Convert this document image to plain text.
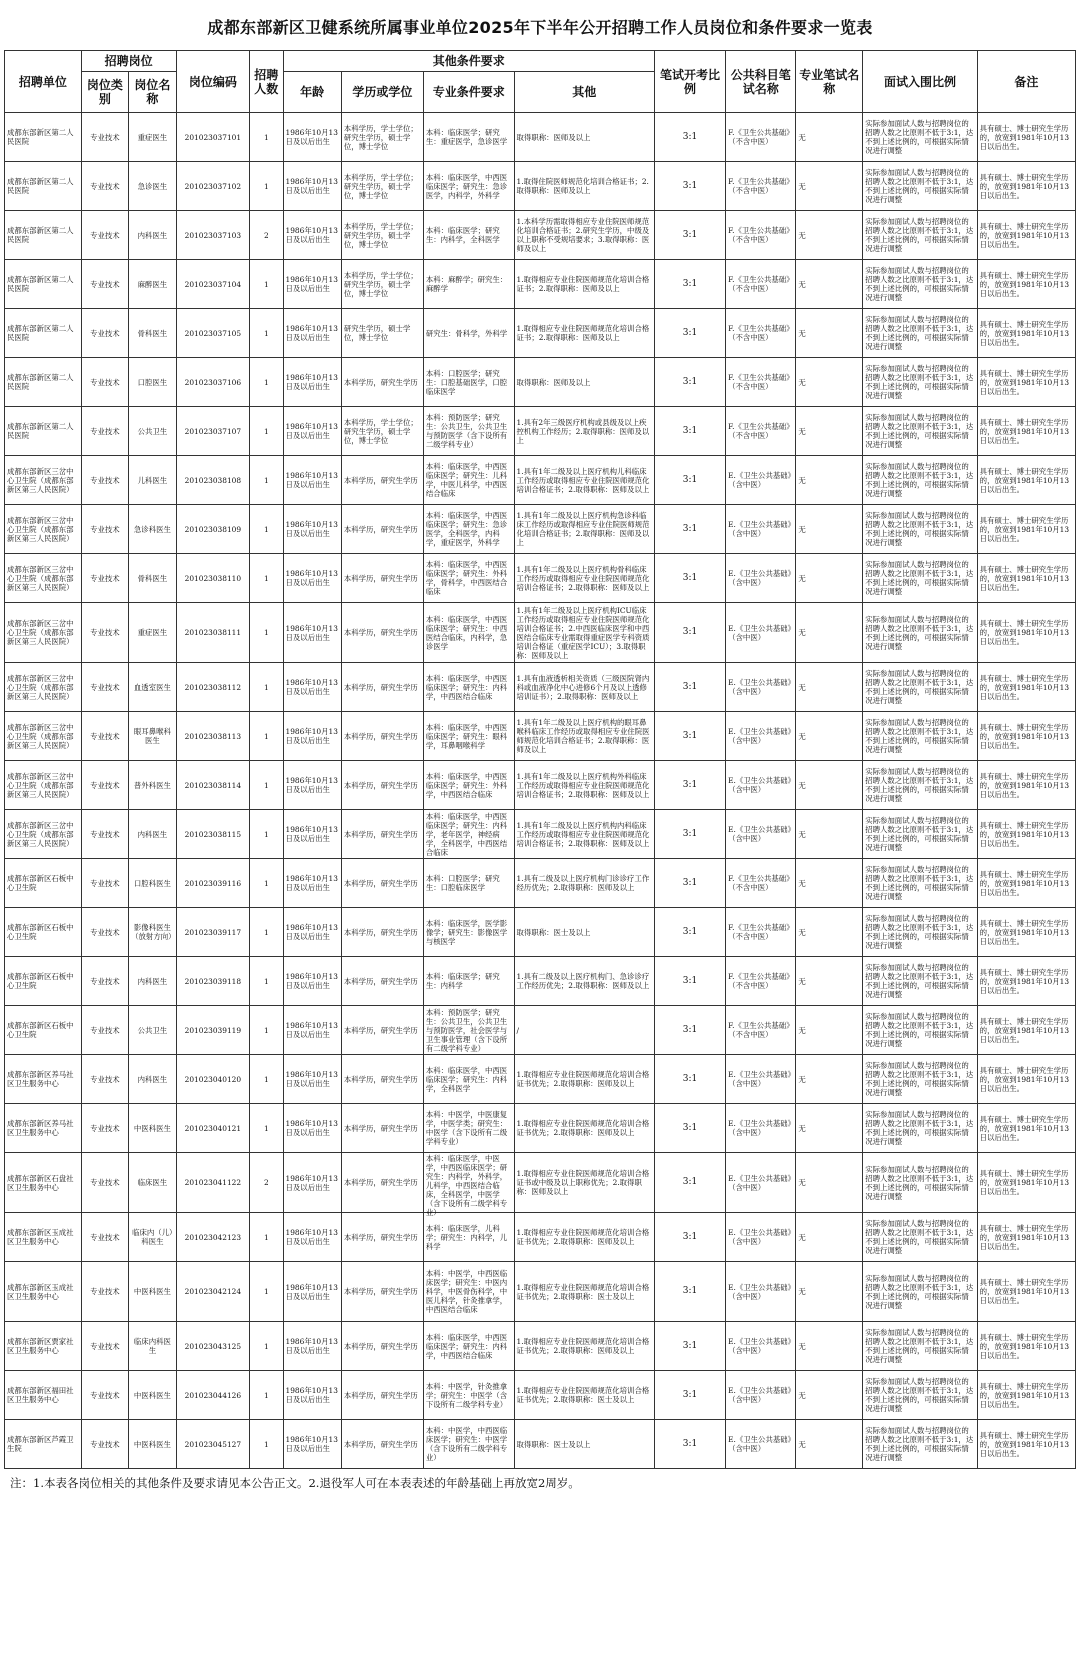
成都东部新区卫健系统所属事业单位2025年下半年公开招聘工作人员岗位和条件要求一览表
招聘单位	招聘岗位		岗位编码	招聘人数	其他条件要求				笔试开考比例	公共科目笔试名称	专业笔试名称	面试入围比例	备注
	岗位类别	岗位名称			年龄	学历或学位	专业条件要求	其他					

成都东部新区第二人民医院	专业技术	重症医生	201023037101	1	1986年10月13日及以后出生	本科学历，学士学位；研究生学历，硕士学位，博士学位	本科：临床医学；研究生：重症医学，急诊医学	取得职称：医师及以上	3:1	F.《卫生公共基础》（不含中医）	无	实际参加面试人数与招聘岗位的招聘人数之比原则不低于3:1，达不到上述比例的，可根据实际情况进行调整	具有硕士、博士研究生学历的，放宽到1981年10月13日以后出生。

成都东部新区第二人民医院	专业技术	急诊医生	201023037102	1	1986年10月13日及以后出生	本科学历，学士学位；研究生学历，硕士学位，博士学位	本科：临床医学，中西医临床医学；研究生：急诊医学，内科学，外科学	1.取得住院医师规范化培训合格证书；2.取得职称：医师及以上	3:1	F.《卫生公共基础》（不含中医）	无	实际参加面试人数与招聘岗位的招聘人数之比原则不低于3:1，达不到上述比例的，可根据实际情况进行调整	具有硕士、博士研究生学历的，放宽到1981年10月13日以后出生。

成都东部新区第二人民医院	专业技术	内科医生	201023037103	2	1986年10月13日及以后出生	本科学历，学士学位；研究生学历，硕士学位，博士学位	本科：临床医学；研究生：内科学，全科医学	1.本科学历需取得相应专业住院医师规范化培训合格证书；2.研究生学历，中级及以上职称不受规培要求；3.取得职称：医师及以上	3:1	F.《卫生公共基础》（不含中医）	无	实际参加面试人数与招聘岗位的招聘人数之比原则不低于3:1，达不到上述比例的，可根据实际情况进行调整	具有硕士、博士研究生学历的，放宽到1981年10月13日以后出生。

成都东部新区第二人民医院	专业技术	麻醉医生	201023037104	1	1986年10月13日及以后出生	本科学历，学士学位；研究生学历，硕士学位，博士学位	本科：麻醉学；研究生：麻醉学	1.取得相应专业住院医师规范化培训合格证书；2.取得职称：医师及以上	3:1	F.《卫生公共基础》（不含中医）	无	实际参加面试人数与招聘岗位的招聘人数之比原则不低于3:1，达不到上述比例的，可根据实际情况进行调整	具有硕士、博士研究生学历的，放宽到1981年10月13日以后出生。

成都东部新区第二人民医院	专业技术	骨科医生	201023037105	1	1986年10月13日及以后出生	研究生学历，硕士学位，博士学位	研究生：骨科学，外科学	1.取得相应专业住院医师规范化培训合格证书；2.取得职称：医师及以上	3:1	F.《卫生公共基础》（不含中医）	无	实际参加面试人数与招聘岗位的招聘人数之比原则不低于3:1，达不到上述比例的，可根据实际情况进行调整	具有硕士、博士研究生学历的，放宽到1981年10月13日以后出生。

成都东部新区第二人民医院	专业技术	口腔医生	201023037106	1	1986年10月13日及以后出生	本科学历，研究生学历	本科：口腔医学；研究生：口腔基础医学，口腔临床医学	取得职称：医师及以上	3:1	F.《卫生公共基础》（不含中医）	无	实际参加面试人数与招聘岗位的招聘人数之比原则不低于3:1，达不到上述比例的，可根据实际情况进行调整	具有硕士、博士研究生学历的，放宽到1981年10月13日以后出生。

成都东部新区第二人民医院	专业技术	公共卫生	201023037107	1	1986年10月13日及以后出生	本科学历，学士学位；研究生学历，硕士学位，博士学位	本科：预防医学；研究生：公共卫生，公共卫生与预防医学（含下设所有二级学科专业）	1.具有2年三级医疗机构或县级及以上疾控机构工作经历；2.取得职称：医师及以上	3:1	F.《卫生公共基础》（不含中医）	无	实际参加面试人数与招聘岗位的招聘人数之比原则不低于3:1，达不到上述比例的，可根据实际情况进行调整	具有硕士、博士研究生学历的，放宽到1981年10月13日以后出生。

成都东部新区三岔中心卫生院（成都东部新区第三人民医院）	专业技术	儿科医生	201023038108	1	1986年10月13日及以后出生	本科学历，研究生学历	本科：临床医学，中西医临床医学；研究生：儿科学，中医儿科学，中西医结合临床	1.具有1年二级及以上医疗机构儿科临床工作经历或取得相应专业住院医师规范化培训合格证书；2.取得职称：医师及以上	3:1	E.《卫生公共基础》（含中医）	无	实际参加面试人数与招聘岗位的招聘人数之比原则不低于3:1，达不到上述比例的，可根据实际情况进行调整	具有硕士、博士研究生学历的，放宽到1981年10月13日以后出生。

成都东部新区三岔中心卫生院（成都东部新区第三人民医院）	专业技术	急诊科医生	201023038109	1	1986年10月13日及以后出生	本科学历，研究生学历	本科：临床医学，中西医临床医学；研究生：急诊医学，全科医学，内科学，重症医学，外科学	1.具有1年二级及以上医疗机构急诊科临床工作经历或取得相应专业住院医师规范化培训合格证书；2.取得职称：医师及以上	3:1	E.《卫生公共基础》（含中医）	无	实际参加面试人数与招聘岗位的招聘人数之比原则不低于3:1，达不到上述比例的，可根据实际情况进行调整	具有硕士、博士研究生学历的，放宽到1981年10月13日以后出生。

成都东部新区三岔中心卫生院（成都东部新区第三人民医院）	专业技术	骨科医生	201023038110	1	1986年10月13日及以后出生	本科学历，研究生学历	本科：临床医学，中西医临床医学；研究生：外科学，骨科学，中西医结合临床	1.具有1年二级及以上医疗机构骨科临床工作经历或取得相应专业住院医师规范化培训合格证书；2.取得职称：医师及以上	3:1	E.《卫生公共基础》（含中医）	无	实际参加面试人数与招聘岗位的招聘人数之比原则不低于3:1，达不到上述比例的，可根据实际情况进行调整	具有硕士、博士研究生学历的，放宽到1981年10月13日以后出生。

成都东部新区三岔中心卫生院（成都东部新区第三人民医院）	专业技术	重症医生	201023038111	1	1986年10月13日及以后出生	本科学历，研究生学历	本科：临床医学，中西医临床医学；研究生：中西医结合临床，内科学，急诊医学	1.具有1年二级及以上医疗机构ICU临床工作经历或取得相应专业住院医师规范化培训合格证书；2.中西医临床医学和中西医结合临床专业需取得重症医学专科资质培训合格证（重症医学ICU）；3.取得职称：医师及以上	3:1	E.《卫生公共基础》（含中医）	无	实际参加面试人数与招聘岗位的招聘人数之比原则不低于3:1，达不到上述比例的，可根据实际情况进行调整	具有硕士、博士研究生学历的，放宽到1981年10月13日以后出生。

成都东部新区三岔中心卫生院（成都东部新区第三人民医院）	专业技术	血透室医生	201023038112	1	1986年10月13日及以后出生	本科学历，研究生学历	本科：临床医学，中西医临床医学；研究生：内科学，中西医结合临床	1.具有血液透析相关资质（三级医院肾内科或血液净化中心进修6个月及以上透修培训证书）；2.取得职称：医师及以上	3:1	E.《卫生公共基础》（含中医）	无	实际参加面试人数与招聘岗位的招聘人数之比原则不低于3:1，达不到上述比例的，可根据实际情况进行调整	具有硕士、博士研究生学历的，放宽到1981年10月13日以后出生。

成都东部新区三岔中心卫生院（成都东部新区第三人民医院）	专业技术	眼耳鼻喉科医生	201023038113	1	1986年10月13日及以后出生	本科学历，研究生学历	本科：临床医学，中西医临床医学；研究生：眼科学，耳鼻咽喉科学	1.具有1年二级及以上医疗机构的眼耳鼻喉科临床工作经历或取得相应专业住院医师规范化培训合格证书；2.取得职称：医师及以上	3:1	E.《卫生公共基础》（含中医）	无	实际参加面试人数与招聘岗位的招聘人数之比原则不低于3:1，达不到上述比例的，可根据实际情况进行调整	具有硕士、博士研究生学历的，放宽到1981年10月13日以后出生。

成都东部新区三岔中心卫生院（成都东部新区第三人民医院）	专业技术	普外科医生	201023038114	1	1986年10月13日及以后出生	本科学历，研究生学历	本科：临床医学，中西医临床医学；研究生：外科学，中西医结合临床	1.具有1年二级及以上医疗机构外科临床工作经历或取得相应专业住院医师规范化培训合格证书；2.取得职称：医师及以上	3:1	E.《卫生公共基础》（含中医）	无	实际参加面试人数与招聘岗位的招聘人数之比原则不低于3:1，达不到上述比例的，可根据实际情况进行调整	具有硕士、博士研究生学历的，放宽到1981年10月13日以后出生。

成都东部新区三岔中心卫生院（成都东部新区第三人民医院）	专业技术	内科医生	201023038115	1	1986年10月13日及以后出生	本科学历，研究生学历	本科：临床医学，中西医临床医学；研究生：内科学，老年医学，神经病学，全科医学，中西医结合临床	1.具有1年二级及以上医疗机构内科临床工作经历或取得相应专业住院医师规范化培训合格证书；2.取得职称：医师及以上	3:1	E.《卫生公共基础》（含中医）	无	实际参加面试人数与招聘岗位的招聘人数之比原则不低于3:1，达不到上述比例的，可根据实际情况进行调整	具有硕士、博士研究生学历的，放宽到1981年10月13日以后出生。

成都东部新区石板中心卫生院	专业技术	口腔科医生	201023039116	1	1986年10月13日及以后出生	本科学历，研究生学历	本科：口腔医学；研究生：口腔临床医学	1.具有二级及以上医疗机构门诊诊疗工作经历优先；2.取得职称：医师及以上	3:1	F.《卫生公共基础》（不含中医）	无	实际参加面试人数与招聘岗位的招聘人数之比原则不低于3:1，达不到上述比例的，可根据实际情况进行调整	具有硕士、博士研究生学历的，放宽到1981年10月13日以后出生。

成都东部新区石板中心卫生院	专业技术	影像科医生（放射方向）	201023039117	1	1986年10月13日及以后出生	本科学历，研究生学历	本科：临床医学，医学影像学；研究生：影像医学与核医学	取得职称：医士及以上	3:1	F.《卫生公共基础》（不含中医）	无	实际参加面试人数与招聘岗位的招聘人数之比原则不低于3:1，达不到上述比例的，可根据实际情况进行调整	具有硕士、博士研究生学历的，放宽到1981年10月13日以后出生。

成都东部新区石板中心卫生院	专业技术	内科医生	201023039118	1	1986年10月13日及以后出生	本科学历，研究生学历	本科：临床医学；研究生：内科学	1.具有二级及以上医疗机构门、急诊诊疗工作经历优先；2.取得职称：医师及以上	3:1	F.《卫生公共基础》（不含中医）	无	实际参加面试人数与招聘岗位的招聘人数之比原则不低于3:1，达不到上述比例的，可根据实际情况进行调整	具有硕士、博士研究生学历的，放宽到1981年10月13日以后出生。

成都东部新区石板中心卫生院	专业技术	公共卫生	201023039119	1	1986年10月13日及以后出生	本科学历，研究生学历	本科：预防医学；研究生：公共卫生，公共卫生与预防医学，社会医学与卫生事业管理（含下设所有二级学科专业）	/	3:1	F.《卫生公共基础》（不含中医）	无	实际参加面试人数与招聘岗位的招聘人数之比原则不低于3:1，达不到上述比例的，可根据实际情况进行调整	具有硕士、博士研究生学历的，放宽到1981年10月13日以后出生。

成都东部新区养马社区卫生服务中心	专业技术	内科医生	201023040120	1	1986年10月13日及以后出生	本科学历，研究生学历	本科：临床医学，中西医临床医学；研究生：内科学，全科医学	1.取得相应专业住院医师规范化培训合格证书优先；2.取得职称：医师及以上	3:1	E.《卫生公共基础》（含中医）	无	实际参加面试人数与招聘岗位的招聘人数之比原则不低于3:1，达不到上述比例的，可根据实际情况进行调整	具有硕士、博士研究生学历的，放宽到1981年10月13日以后出生。

成都东部新区养马社区卫生服务中心	专业技术	中医科医生	201023040121	1	1986年10月13日及以后出生	本科学历，研究生学历	本科：中医学，中医康复学，中医学类；研究生：中医学（含下设所有二级学科专业）	1.取得相应专业住院医师规范化培训合格证书优先；2.取得职称：医师及以上	3:1	E.《卫生公共基础》（含中医）	无	实际参加面试人数与招聘岗位的招聘人数之比原则不低于3:1，达不到上述比例的，可根据实际情况进行调整	具有硕士、博士研究生学历的，放宽到1981年10月13日以后出生。

成都东部新区石盘社区卫生服务中心	专业技术	临床医生	201023041122	2	1986年10月13日及以后出生	本科学历，研究生学历	本科：临床医学，中医学，中西医临床医学；研究生：内科学，外科学，儿科学，中西医结合临床，全科医学，中医学（含下设所有二级学科专业）	1.取得相应专业住院医师规范化培训合格证书或中级及以上职称优先；2.取得职称：医师及以上	3:1	E.《卫生公共基础》（含中医）	无	实际参加面试人数与招聘岗位的招聘人数之比原则不低于3:1，达不到上述比例的，可根据实际情况进行调整	具有硕士、博士研究生学历的，放宽到1981年10月13日以后出生。

成都东部新区玉成社区卫生服务中心	专业技术	临床内（儿）科医生	201023042123	1	1986年10月13日及以后出生	本科学历，研究生学历	本科：临床医学，儿科学；研究生：内科学，儿科学	1.取得相应专业住院医师规范化培训合格证书优先；2.取得职称：医师及以上	3:1	E.《卫生公共基础》（含中医）	无	实际参加面试人数与招聘岗位的招聘人数之比原则不低于3:1，达不到上述比例的，可根据实际情况进行调整	具有硕士、博士研究生学历的，放宽到1981年10月13日以后出生。

成都东部新区玉成社区卫生服务中心	专业技术	中医科医生	201023042124	1	1986年10月13日及以后出生	本科学历，研究生学历	本科：中医学，中西医临床医学；研究生：中医内科学，中医骨伤科学，中医儿科学，针灸推拿学，中西医结合临床	1.取得相应专业住院医师规范化培训合格证书优先；2.取得职称：医士及以上	3:1	E.《卫生公共基础》（含中医）	无	实际参加面试人数与招聘岗位的招聘人数之比原则不低于3:1，达不到上述比例的，可根据实际情况进行调整	具有硕士、博士研究生学历的，放宽到1981年10月13日以后出生。

成都东部新区贾家社区卫生服务中心	专业技术	临床内科医生	201023043125	1	1986年10月13日及以后出生	本科学历，研究生学历	本科：临床医学，中西医临床医学；研究生：内科学，中西医结合临床	1.取得相应专业住院医师规范化培训合格证书优先；2.取得职称：医师及以上	3:1	E.《卫生公共基础》（含中医）	无	实际参加面试人数与招聘岗位的招聘人数之比原则不低于3:1，达不到上述比例的，可根据实际情况进行调整	具有硕士、博士研究生学历的，放宽到1981年10月13日以后出生。

成都东部新区福田社区卫生服务中心	专业技术	中医科医生	201023044126	1	1986年10月13日及以后出生	本科学历，研究生学历	本科：中医学，针灸推拿学；研究生：中医学（含下设所有二级学科专业）	1.取得相应专业住院医师规范化培训合格证书优先；2.取得职称：医士及以上	3:1	E.《卫生公共基础》（含中医）	无	实际参加面试人数与招聘岗位的招聘人数之比原则不低于3:1，达不到上述比例的，可根据实际情况进行调整	具有硕士、博士研究生学历的，放宽到1981年10月13日以后出生。

成都东部新区芦霞卫生院	专业技术	中医科医生	201023045127	1	1986年10月13日及以后出生	本科学历，研究生学历	本科：中医学，中西医临床医学；研究生：中医学（含下设所有二级学科专业）	取得职称：医士及以上	3:1	E.《卫生公共基础》（含中医）	无	实际参加面试人数与招聘岗位的招聘人数之比原则不低于3:1，达不到上述比例的，可根据实际情况进行调整	具有硕士、博士研究生学历的，放宽到1981年10月13日以后出生。
注：1.本表各岗位相关的其他条件及要求请见本公告正文。2.退役军人可在本表表述的年龄基础上再放宽2周岁。
